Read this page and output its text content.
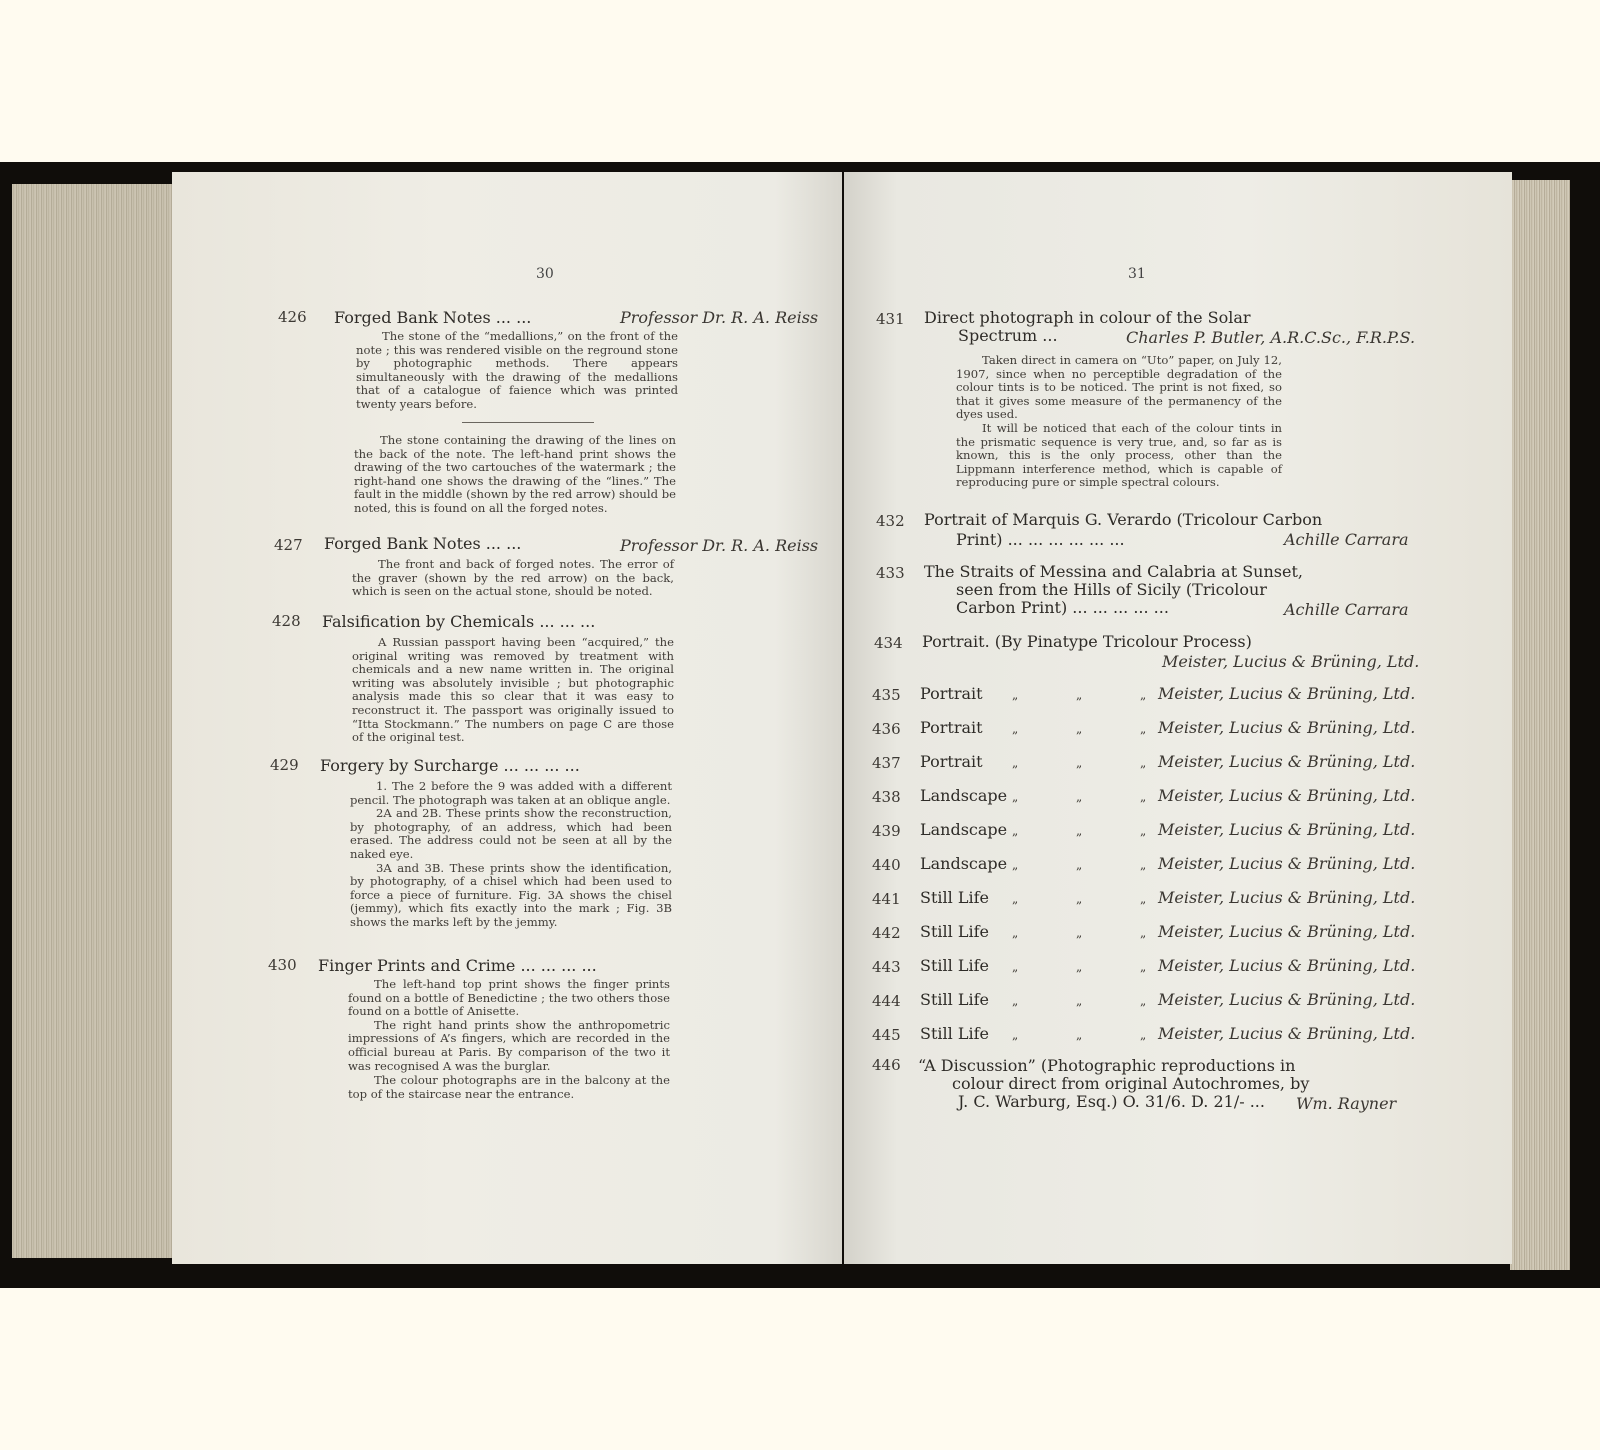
30
426 Forged Bank Notes ... ...	Professor Dr. R. A. Reiss

The stone of the “medallions,” on the front of the note ; this was rendered visible on the reground stone by photographic methods. There appears simultaneously with the drawing of the medallions that of a catalogue of faience which was printed twenty years before.

The stone containing the drawing of the lines on the back of the note. The left-hand print shows the drawing of the two cartouches of the watermark ; the right-hand one shows the drawing of the “lines.” The fault in the middle (shown by the red arrow) should be noted, this is found on all the forged notes.

427 Forged Bank Notes ... ...	Professor Dr. R. A. Reiss

The front and back of forged notes. The error of the graver (shown by the red arrow) on the back, which is seen on the actual stone, should be noted.

428 Falsification by Chemicals ... ... ...

A Russian passport having been “acquired,” the original writing was removed by treatment with chemicals and a new name written in. The original writing was absolutely invisible ; but photographic analysis made this so clear that it was easy to reconstruct it. The passport was originally issued to “Itta Stockmann.” The numbers on page C are those of the original test.

429 Forgery by Surcharge ... ... ... ...

1. The 2 before the 9 was added with a different pencil. The photograph was taken at an oblique angle.

2A and 2B. These prints show the reconstruction, by photography, of an address, which had been erased. The address could not be seen at all by the naked eye.

3A and 3B. These prints show the identification, by photography, of a chisel which had been used to force a piece of furniture. Fig. 3A shows the chisel (jemmy), which fits exactly into the mark ; Fig. 3B shows the marks left by the jemmy.

430 Finger Prints and Crime ... ... ... ...

The left-hand top print shows the finger prints found on a bottle of Benedictine ; the two others those found on a bottle of Anisette.

The right hand prints show the anthropometric impressions of A’s fingers, which are recorded in the official bureau at Paris. By comparison of the two it was recognised A was the burglar.

The colour photographs are in the balcony at the top of the staircase near the entrance.

31
431 Direct photograph in colour of the Solar
Spectrum ...	Charles P. Butler, A.R.C.Sc., F.R.P.S.

Taken direct in camera on “Uto” paper, on July 12, 1907, since when no perceptible degradation of the colour tints is to be noticed. The print is not fixed, so that it gives some measure of the permanency of the dyes used.

It will be noticed that each of the colour tints in the prismatic sequence is very true, and, so far as is known, this is the only process, other than the Lippmann interference method, which is capable of reproducing pure or simple spectral colours.

432 Portrait of Marquis G. Verardo (Tricolour Carbon
Print) ... ... ... ... ... ...	Achille Carrara
433 The Straits of Messina and Calabria at Sunset,
seen from the Hills of Sicily (Tricolour
Carbon Print) ... ... ... ... ...	Achille Carrara
434 Portrait. (By Pinatype Tricolour Process)
Meister, Lucius & Brüning, Ltd.
435 Portrait „	„	„ Meister, Lucius & Brüning, Ltd.
436 Portrait „	„	„ Meister, Lucius & Brüning, Ltd.
437 Portrait „	„	„ Meister, Lucius & Brüning, Ltd.
438 Landscape „	„	„ Meister, Lucius & Brüning, Ltd.
439 Landscape „	„	„ Meister, Lucius & Brüning, Ltd.
440 Landscape „	„	„ Meister, Lucius & Brüning, Ltd.
441 Still Life „	„	„ Meister, Lucius & Brüning, Ltd.
442 Still Life „	„	„ Meister, Lucius & Brüning, Ltd.
443 Still Life „	„	„ Meister, Lucius & Brüning, Ltd.
444 Still Life „	„	„ Meister, Lucius & Brüning, Ltd.
445 Still Life „	„	„ Meister, Lucius & Brüning, Ltd.
446 “A Discussion” (Photographic reproductions in
colour direct from original Autochromes, by
J. C. Warburg, Esq.) O. 31/6. D. 21/- ... Wm. Rayner
